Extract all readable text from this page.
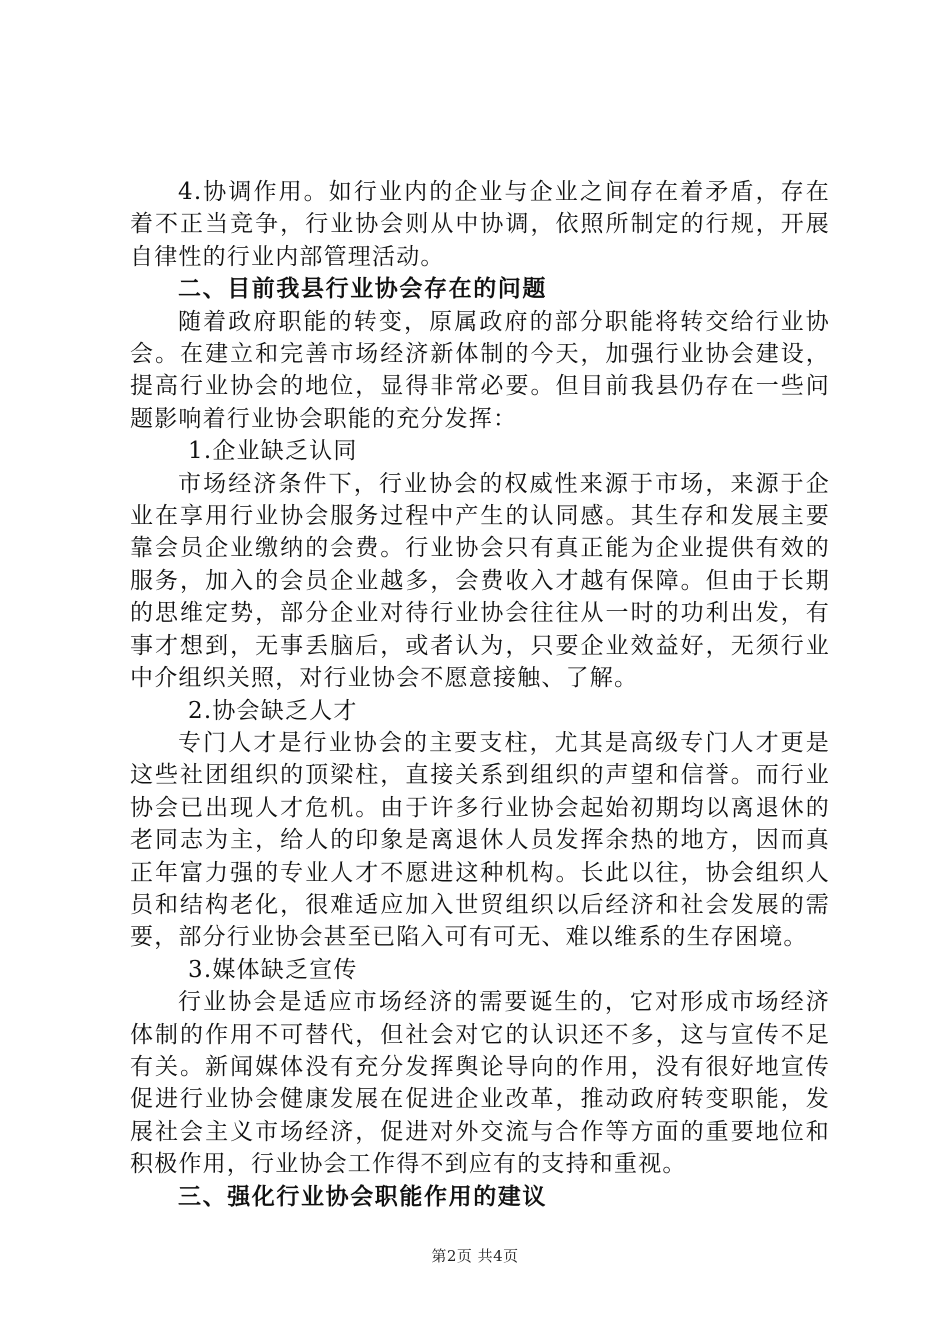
4.协调作用。如行业内的企业与企业之间存在着矛盾，存在着不正当竞争，行业协会则从中协调，依照所制定的行规，开展自律性的行业内部管理活动。

二、目前我县行业协会存在的问题

随着政府职能的转变，原属政府的部分职能将转交给行业协会。在建立和完善市场经济新体制的今天，加强行业协会建设，提高行业协会的地位，显得非常必要。但目前我县仍存在一些问题影响着行业协会职能的充分发挥：

1.企业缺乏认同

市场经济条件下，行业协会的权威性来源于市场，来源于企业在享用行业协会服务过程中产生的认同感。其生存和发展主要靠会员企业缴纳的会费。行业协会只有真正能为企业提供有效的服务，加入的会员企业越多，会费收入才越有保障。但由于长期的思维定势，部分企业对待行业协会往往从一时的功利出发，有事才想到，无事丢脑后，或者认为，只要企业效益好，无须行业中介组织关照，对行业协会不愿意接触、了解。

2.协会缺乏人才

专门人才是行业协会的主要支柱，尤其是高级专门人才更是这些社团组织的顶梁柱，直接关系到组织的声望和信誉。而行业协会已出现人才危机。由于许多行业协会起始初期均以离退休的老同志为主，给人的印象是离退休人员发挥余热的地方，因而真正年富力强的专业人才不愿进这种机构。长此以往，协会组织人员和结构老化，很难适应加入世贸组织以后经济和社会发展的需要，部分行业协会甚至已陷入可有可无、难以维系的生存困境。

3.媒体缺乏宣传

行业协会是适应市场经济的需要诞生的，它对形成市场经济体制的作用不可替代，但社会对它的认识还不多，这与宣传不足有关。新闻媒体没有充分发挥舆论导向的作用，没有很好地宣传促进行业协会健康发展在促进企业改革，推动政府转变职能，发展社会主义市场经济，促进对外交流与合作等方面的重要地位和积极作用，行业协会工作得不到应有的支持和重视。

三、强化行业协会职能作用的建议

第2页 共4页
